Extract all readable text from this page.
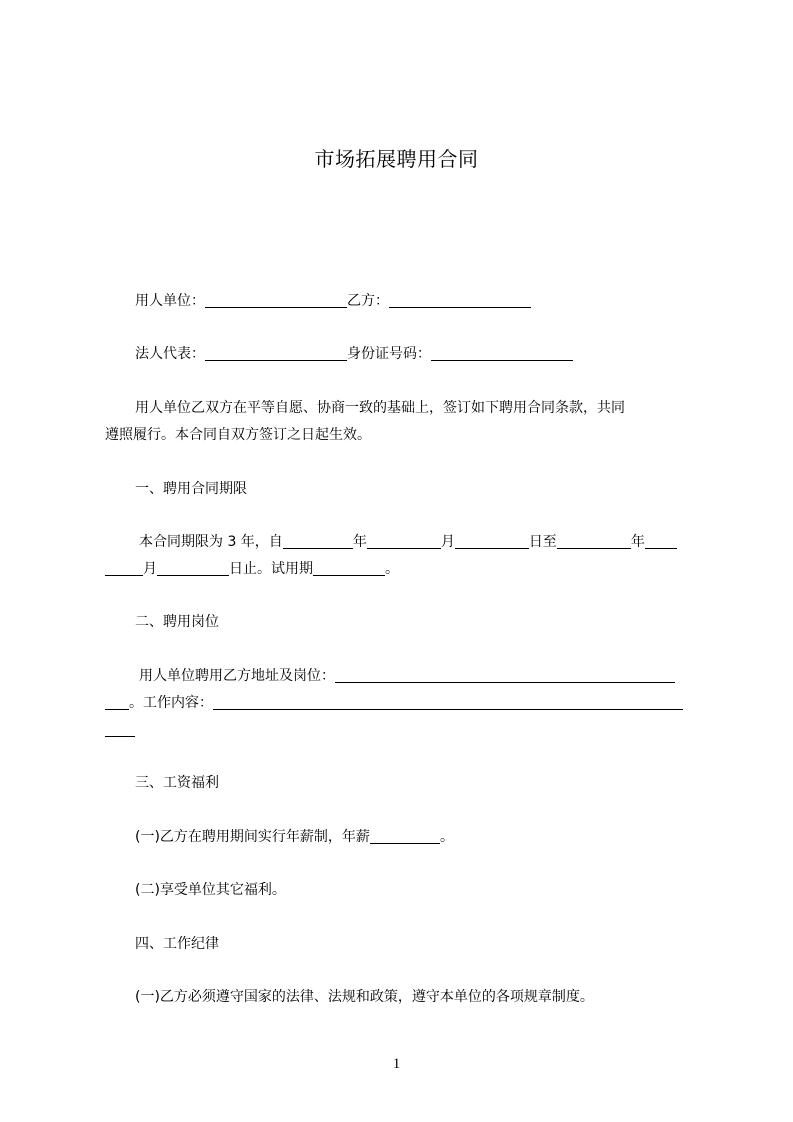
市场拓展聘用合同
用人单位：	乙方：
法人代表：	身份证号码：
用人单位乙双方在平等自愿、协商一致的基础上，签订如下聘用合同条款，共同
遵照履行。本合同自双方签订之日起生效。
一、聘用合同期限
本合同期限为 3 年，自	年	月	日至	年
月	日止。试用期	。
二、聘用岗位
用人单位聘用乙方地址及岗位：
。工作内容：
三、工资福利
(一)乙方在聘用期间实行年薪制，年薪	。
(二)享受单位其它福利。
四、工作纪律
(一)乙方必须遵守国家的法律、法规和政策，遵守本单位的各项规章制度。
1
